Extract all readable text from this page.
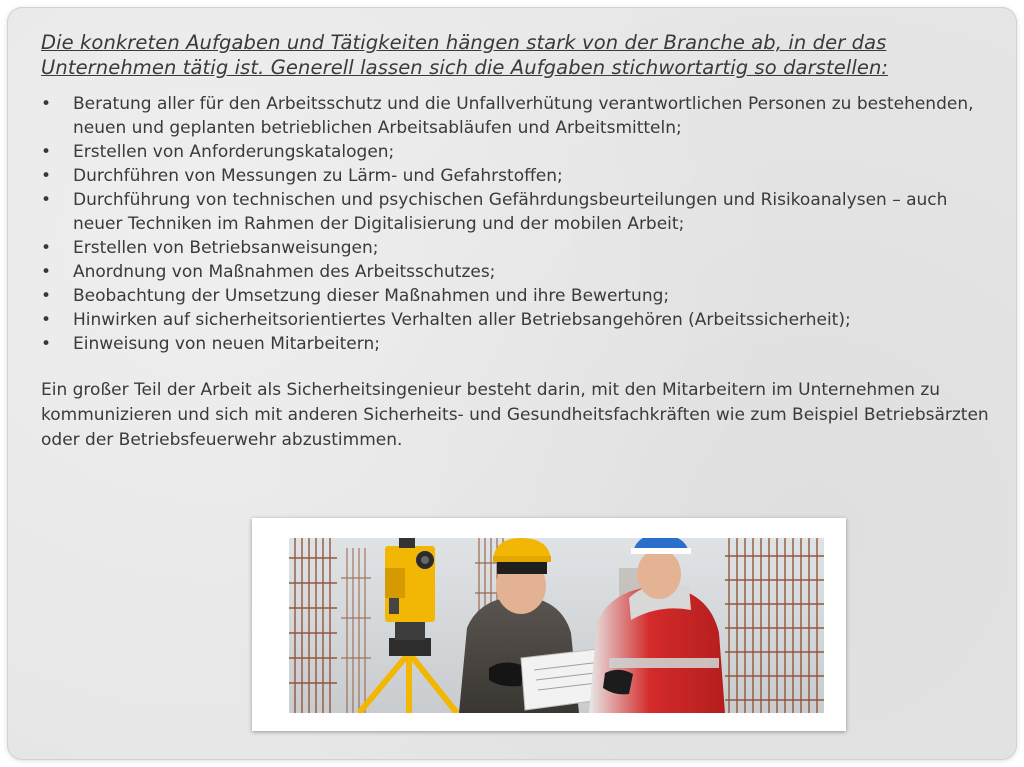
Die konkreten Aufgaben und Tätigkeiten hängen stark von der Branche ab, in der das Unternehmen tätig ist. Generell lassen sich die Aufgaben stichwortartig so darstellen:

•	Beratung aller für den Arbeitsschutz und die Unfallverhütung verantwortlichen Personen zu bestehenden, neuen und geplanten betrieblichen Arbeitsabläufen und Arbeitsmitteln;
•	Erstellen von Anforderungskatalogen;
•	Durchführen von Messungen zu Lärm- und Gefahrstoffen;
•	Durchführung von technischen und psychischen Gefährdungsbeurteilungen und Risikoanalysen – auch neuer Techniken im Rahmen der Digitalisierung und der mobilen Arbeit;
•	Erstellen von Betriebsanweisungen;
•	Anordnung von Maßnahmen des Arbeitsschutzes;
•	Beobachtung der Umsetzung dieser Maßnahmen und ihre Bewertung;
•	Hinwirken auf sicherheitsorientiertes Verhalten aller Betriebsangehören (Arbeitssicherheit);
•	Einweisung von neuen Mitarbeitern;

Ein großer Teil der Arbeit als Sicherheitsingenieur besteht darin, mit den Mitarbeitern im Unternehmen zu kommunizieren und sich mit anderen Sicherheits- und Gesundheitsfachkräften wie zum Beispiel Betriebsärzten oder der Betriebsfeuerwehr abzustimmen.
